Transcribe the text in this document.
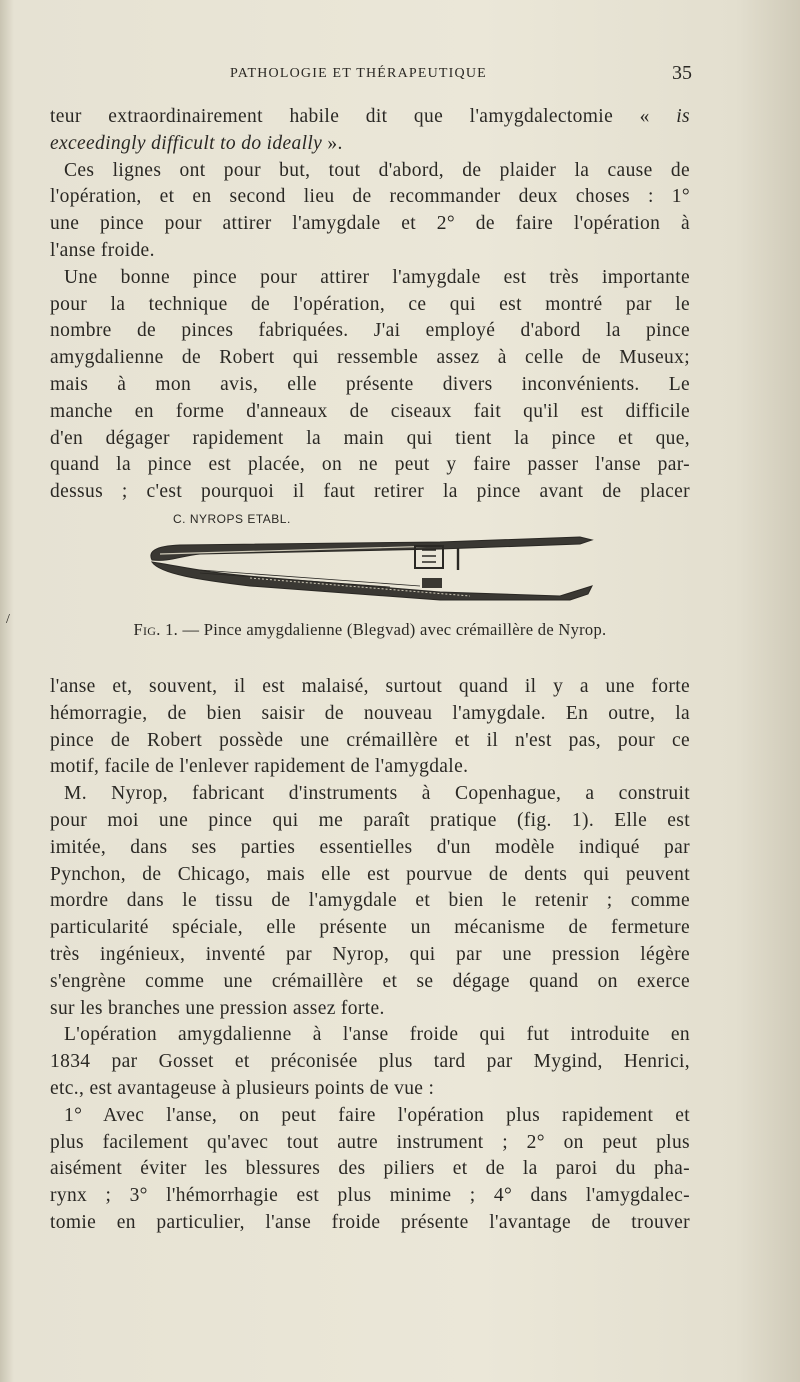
PATHOLOGIE ET THÉRAPEUTIQUE	35
teur extraordinairement habile dit que l'amygdalectomie « is
exceedingly difficult to do ideally ».
Ces lignes ont pour but, tout d'abord, de plaider la cause de
l'opération, et en second lieu de recommander deux choses : 1°
une pince pour attirer l'amygdale et 2° de faire l'opération à
l'anse froide.
Une bonne pince pour attirer l'amygdale est très importante
pour la technique de l'opération, ce qui est montré par le
nombre de pinces fabriquées. J'ai employé d'abord la pince
amygdalienne de Robert qui ressemble assez à celle de Museux;
mais à mon avis, elle présente divers inconvénients. Le
manche en forme d'anneaux de ciseaux fait qu'il est difficile
d'en dégager rapidement la main qui tient la pince et que,
quand la pince est placée, on ne peut y faire passer l'anse par-
dessus ; c'est pourquoi il faut retirer la pince avant de placer
C. NYROPS ETABL.
/
Fig. 1. — Pince amygdalienne (Blegvad) avec crémaillère de Nyrop.
l'anse et, souvent, il est malaisé, surtout quand il y a une forte
hémorragie, de bien saisir de nouveau l'amygdale. En outre, la
pince de Robert possède une crémaillère et il n'est pas, pour ce
motif, facile de l'enlever rapidement de l'amygdale.
M. Nyrop, fabricant d'instruments à Copenhague, a construit
pour moi une pince qui me paraît pratique (fig. 1). Elle est
imitée, dans ses parties essentielles d'un modèle indiqué par
Pynchon, de Chicago, mais elle est pourvue de dents qui peuvent
mordre dans le tissu de l'amygdale et bien le retenir ; comme
particularité spéciale, elle présente un mécanisme de fermeture
très ingénieux, inventé par Nyrop, qui par une pression légère
s'engrène comme une crémaillère et se dégage quand on exerce
sur les branches une pression assez forte.
L'opération amygdalienne à l'anse froide qui fut introduite en
1834 par Gosset et préconisée plus tard par Mygind, Henrici,
etc., est avantageuse à plusieurs points de vue :
1° Avec l'anse, on peut faire l'opération plus rapidement et
plus facilement qu'avec tout autre instrument ; 2° on peut plus
aisément éviter les blessures des piliers et de la paroi du pha-
rynx ; 3° l'hémorrhagie est plus minime ; 4° dans l'amygdalec-
tomie en particulier, l'anse froide présente l'avantage de trouver
